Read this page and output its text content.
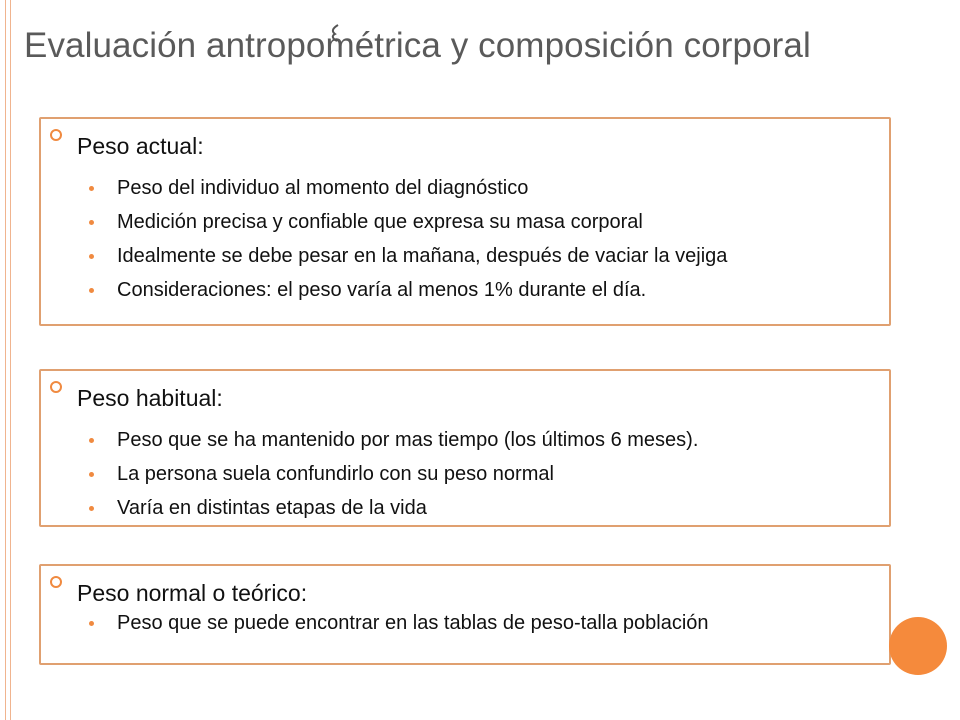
Evaluación antropométrica y composición corporal
Peso actual:
Peso del individuo al momento del diagnóstico
Medición precisa y confiable que expresa su masa corporal
Idealmente se debe pesar en la mañana, después de vaciar la vejiga
Consideraciones: el peso varía al menos 1% durante el día.
Peso habitual:
Peso que se ha mantenido por mas tiempo (los últimos 6 meses).
La persona suela confundirlo con su peso normal
Varía en distintas etapas de la vida
Peso normal o teórico:
Peso que se puede encontrar en las tablas de peso-talla población
